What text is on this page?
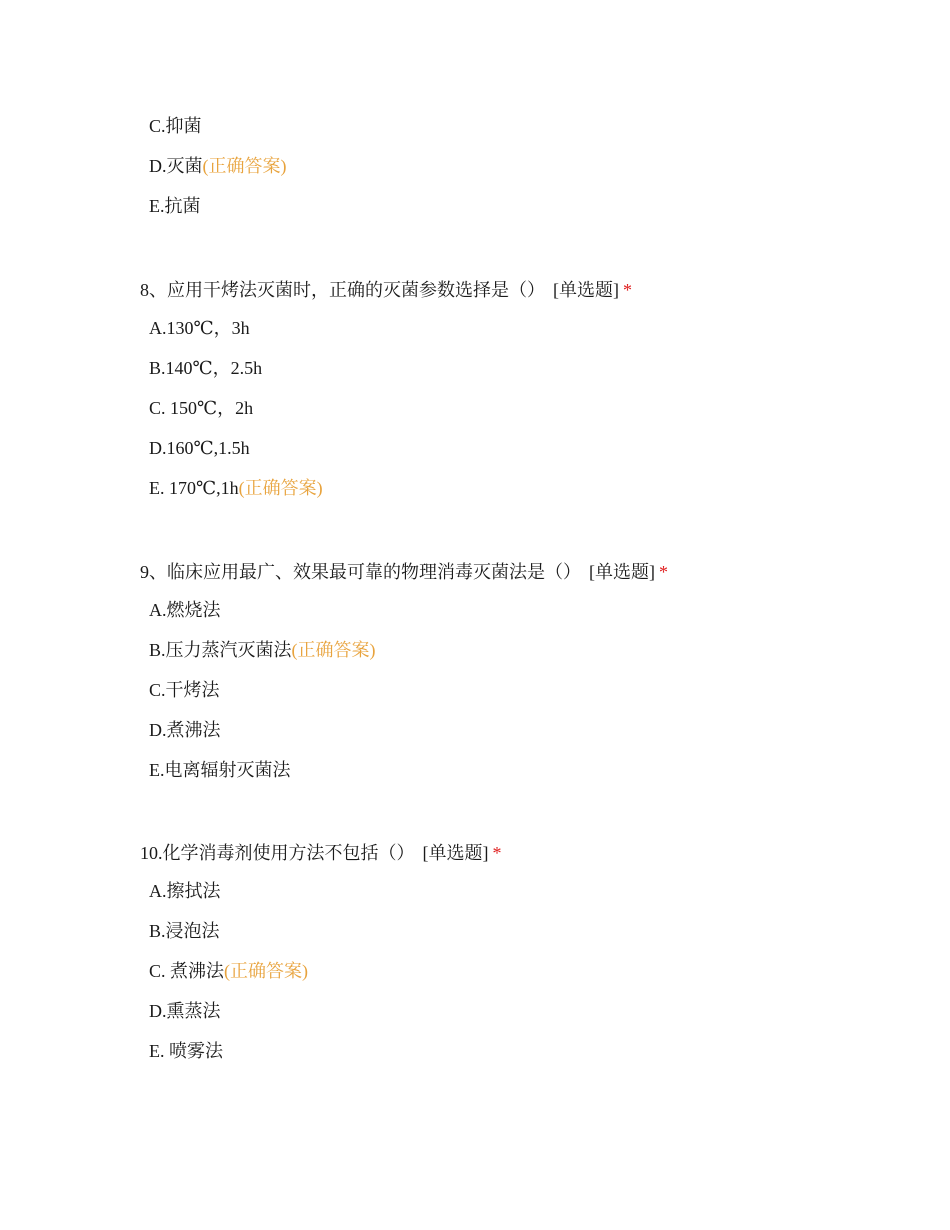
C.抑菌
D.灭菌(正确答案)
E.抗菌
8、应用干烤法灭菌时，正确的灭菌参数选择是（） [单选题] *
A.130℃，3h
B.140℃，2.5h
C. 150℃，2h
D.160℃,1.5h
E. 170℃,1h(正确答案)
9、临床应用最广、效果最可靠的物理消毒灭菌法是（） [单选题] *
A.燃烧法
B.压力蒸汽灭菌法(正确答案)
C.干烤法
D.煮沸法
E.电离辐射灭菌法
10.化学消毒剂使用方法不包括（） [单选题] *
A.擦拭法
B.浸泡法
C. 煮沸法(正确答案)
D.熏蒸法
E. 喷雾法
